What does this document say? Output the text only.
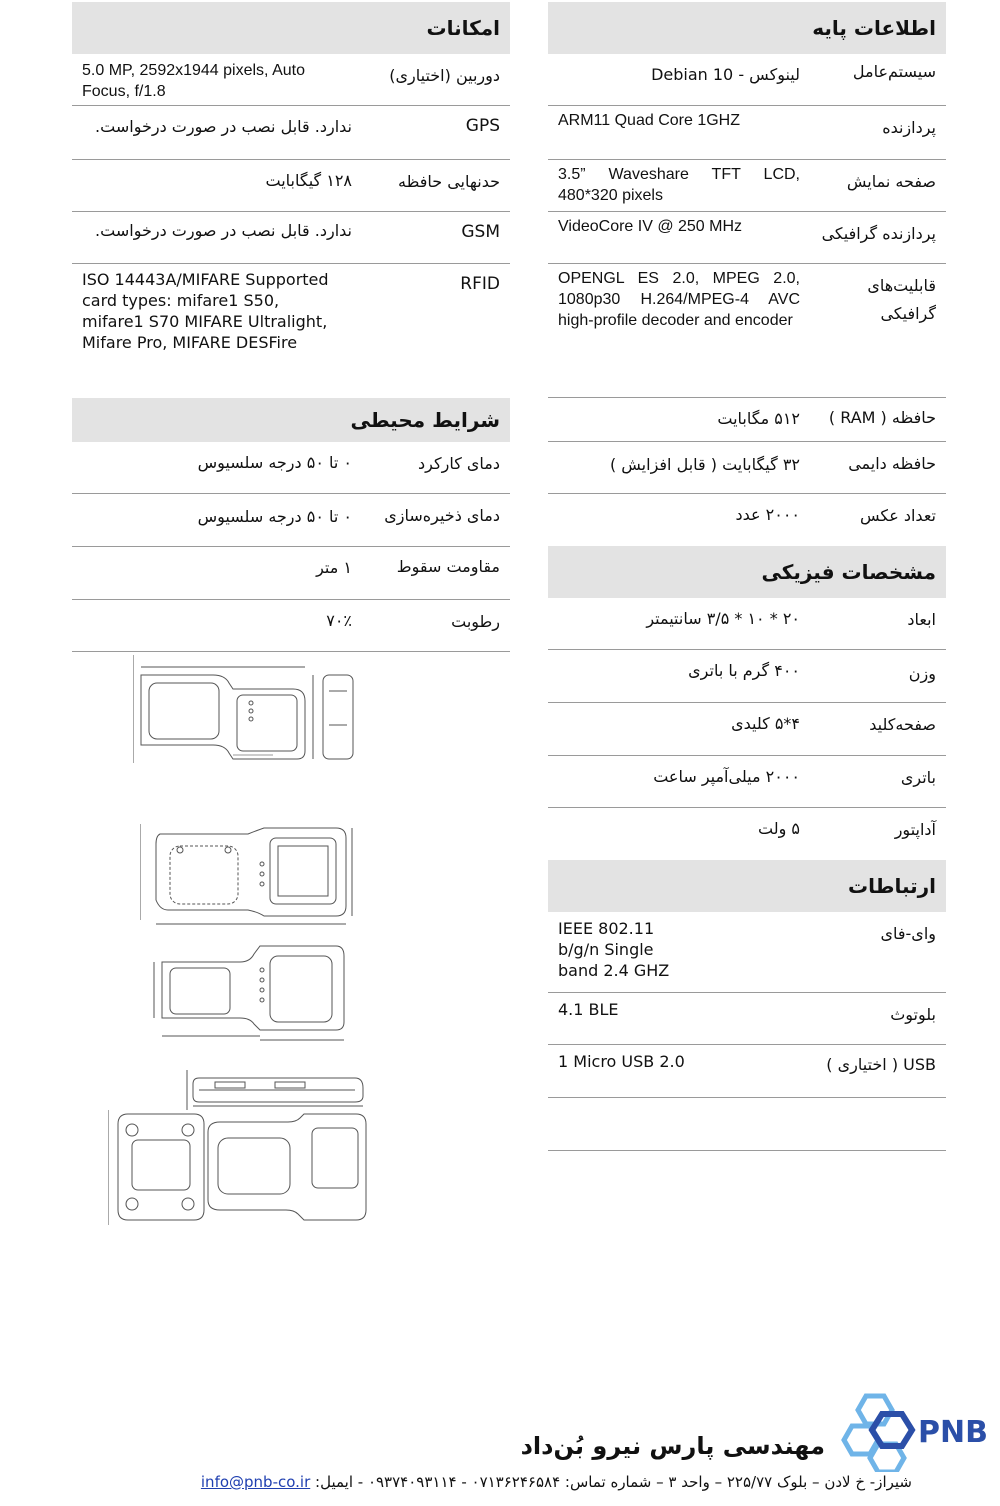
اطلاعات پایه
سیستم‌عامل
لینوکس - Debian 10
پردازنده
ARM11 Quad Core 1GHZ
صفحه نمایش
3.5” Waveshare TFT LCD, 480*320 pixels
پردازنده گرافیکی
VideoCore IV @ 250 MHz
قابلیت‌های گرافیکی
OPENGL ES 2.0, MPEG 2.0, 1080p30 H.264/MPEG-4 AVC high-profile decoder and encoder
حافظه ( RAM )
۵۱۲ مگابایت
حافظه دایمی
۳۲ گیگابایت ( قابل افزایش )
تعداد عکس
۲۰۰۰ عدد
مشخصات فیزیکی
ابعاد
۲۰ * ۱۰ * ۳/۵ سانتیمتر
وزن
۴۰۰ گرم با باتری
صفحه‌کلید
۴*۵ کلیدی
باتری
۲۰۰۰ میلی‌آمپر ساعت
آداپتور
۵ ولت
ارتباطات
وای-فای
IEEE 802.11 b/g/n Single band 2.4 GHZ
بلوتوث
4.1 BLE
USB ( اختیاری )
1 Micro USB 2.0
امکانات
دوربین (اختیاری)
5.0 MP, 2592x1944 pixels, Auto Focus, f/1.8
GPS
ندارد. قابل نصب در صورت درخواست.
حدنهایی حافظه
۱۲۸ گیگابایت
GSM
ندارد. قابل نصب در صورت درخواست.
RFID
ISO 14443A/MIFARE Supported card types: mifare1 S50, mifare1 S70 MIFARE Ultralight, Mifare Pro, MIFARE DESFire
شرایط محیطی
دمای کارکرد
۰ تا ۵۰ درجه سلسیوس
دمای ذخیره‌سازی
۰ تا ۵۰ درجه سلسیوس
مقاومت سقوط
۱ متر
رطوبت
۷۰٪
مهندسی پارس نیرو بُن‌داد	PNB
شیراز- خ لادن – بلوک ۲۲۵/۷۷ – واحد ۳ – شماره تماس: ۰۷۱۳۶۲۴۶۵۸۴ - ۰۹۳۷۴۰۹۳۱۱۴ - ایمیل: info@pnb-co.ir
